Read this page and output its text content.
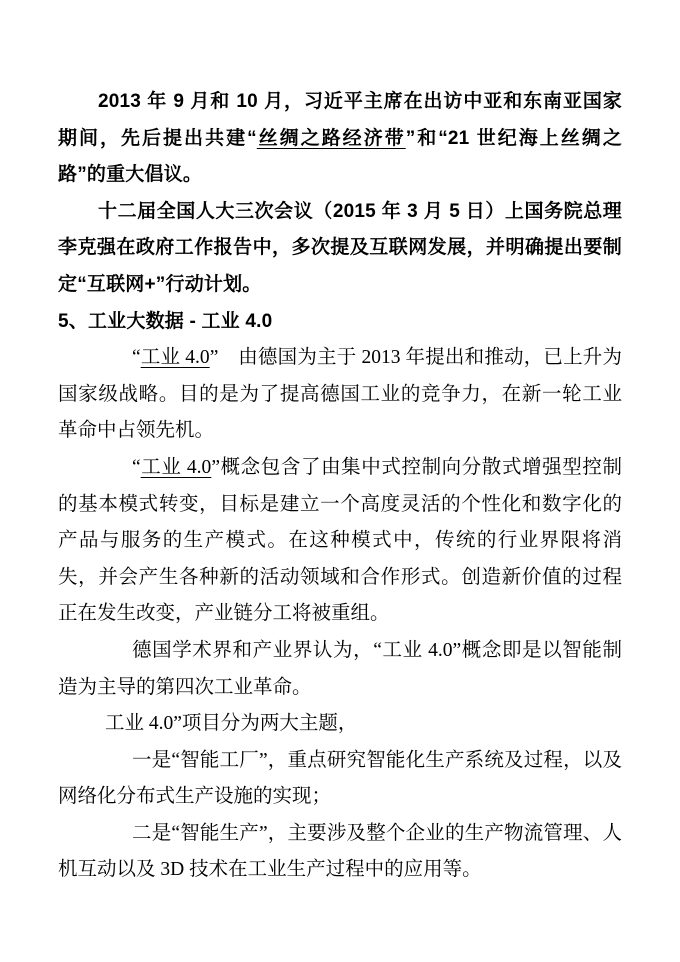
2013 年 9 月和 10 月，习近平主席在出访中亚和东南亚国家期间，先后提出共建“丝绸之路经济带”和“21 世纪海上丝绸之路”的重大倡议。

十二届全国人大三次会议（2015 年 3 月 5 日）上国务院总理李克强在政府工作报告中，多次提及互联网发展，并明确提出要制定“互联网+”行动计划。

5、工业大数据 - 工业 4.0

“工业 4.0”　由德国为主于 2013 年提出和推动，已上升为国家级战略。目的是为了提高德国工业的竞争力，在新一轮工业革命中占领先机。

“工业 4.0”概念包含了由集中式控制向分散式增强型控制的基本模式转变，目标是建立一个高度灵活的个性化和数字化的产品与服务的生产模式。在这种模式中，传统的行业界限将消失，并会产生各种新的活动领域和合作形式。创造新价值的过程正在发生改变，产业链分工将被重组。

德国学术界和产业界认为，“工业 4.0”概念即是以智能制造为主导的第四次工业革命。

工业 4.0”项目分为两大主题，

一是“智能工厂”，重点研究智能化生产系统及过程，以及网络化分布式生产设施的实现；

二是“智能生产”，主要涉及整个企业的生产物流管理、人机互动以及 3D 技术在工业生产过程中的应用等。
